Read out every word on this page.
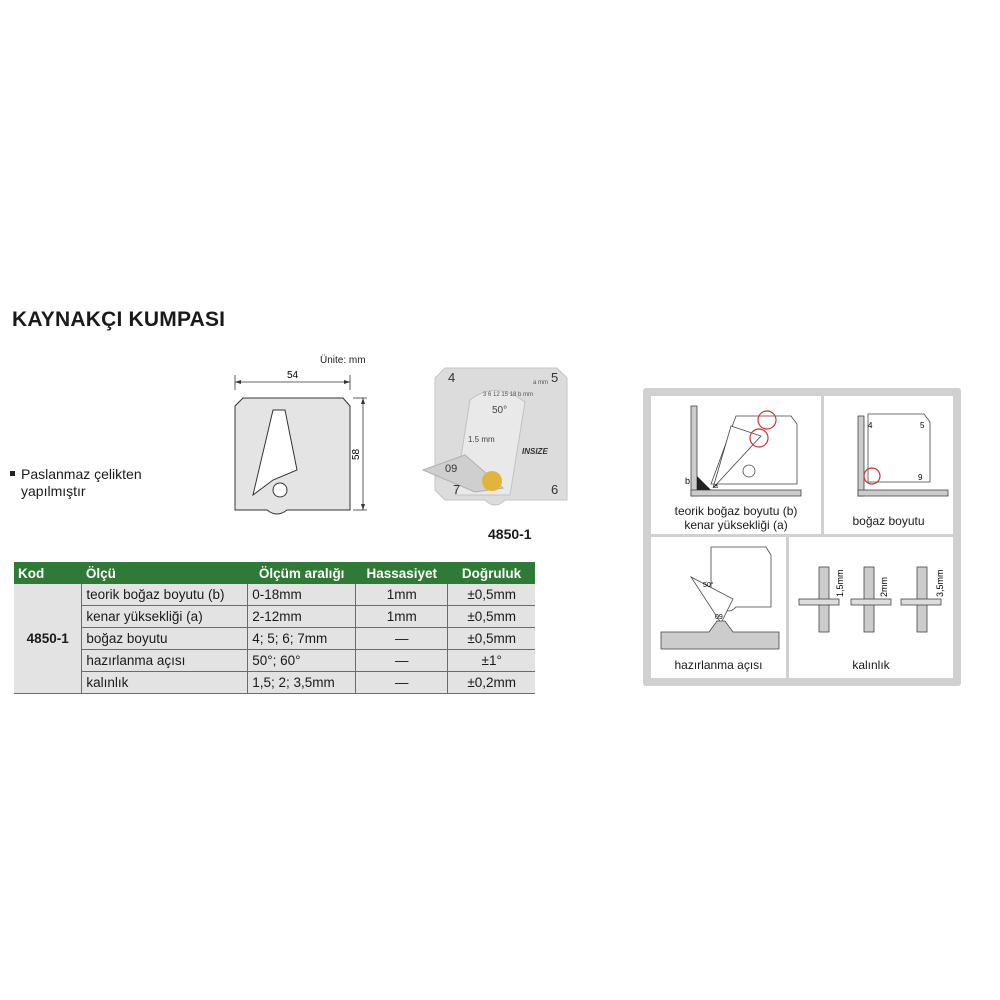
KAYNAKÇI KUMPASI
Ünite: mm
54
58
Paslanmaz çelikten
yapılmıştır
4	5
6
7
09
a mm
3 6 12 15 18 b mm
50°
1.5 mm
INSIZE
4850-1
Kod	Ölçü	Ölçüm aralığı	Hassasiyet	Doğruluk
4850-1	teorik boğaz boyutu (b)	0-18mm	1mm	±0,5mm
	kenar yüksekliği (a)	2-12mm	1mm	±0,5mm
	boğaz boyutu	4; 5; 6; 7mm	—	±0,5mm
	hazırlanma açısı	50°; 60°	—	±1°
	kalınlık	1,5; 2; 3,5mm	—	±0,2mm
b
a
teorik boğaz boyutu (b)
kenar yüksekliği (a)
4	5
9
boğaz boyutu
50°
09
hazırlanma açısı
1,5mm	2mm	3,5mm
kalınlık
